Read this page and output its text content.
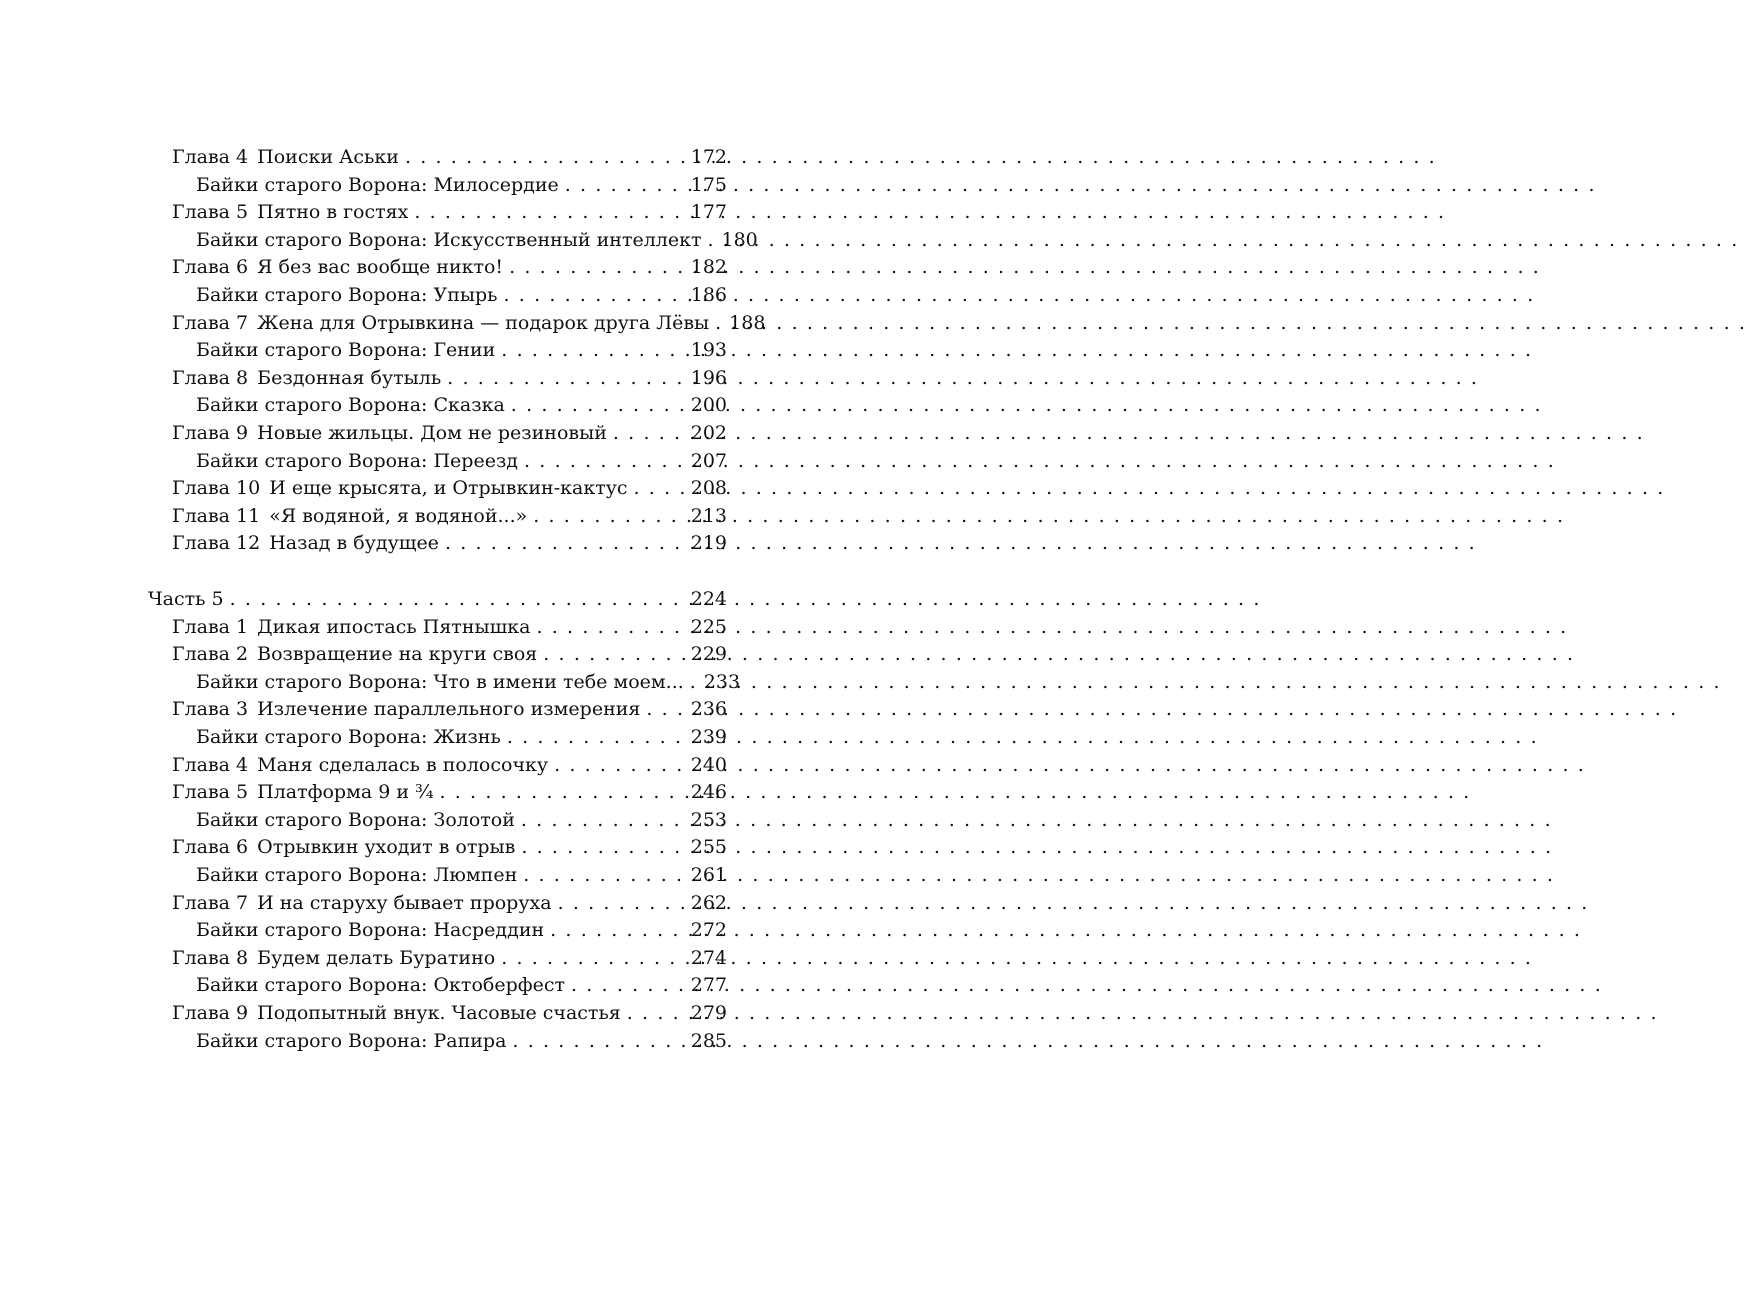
Глава 4 Поиски Аськи . . .	172
Байки старого Ворона: Милосердие . . .	175
Глава 5 Пятно в гостях . . .	177
Байки старого Ворона: Искусственный интеллект . . . 180
Глава 6 Я без вас вообще никто! . . .	182
Байки старого Ворона: Упырь . . .	186
Глава 7 Жена для Отрывкина — подарок друга Лёвы . . . 188
Байки старого Ворона: Гении . . .	193
Глава 8 Бездонная бутыль . . .	196
Байки старого Ворона: Сказка . . .	200
Глава 9 Новые жильцы. Дом не резиновый . . .	202
Байки старого Ворона: Переезд . . .	207
Глава 10 И еще крысята, и Отрывкин-кактус . . .	208
Глава 11 «Я водяной, я водяной...» . . .	213
Глава 12 Назад в будущее . . .	219
Часть 5 . . .	224
Глава 1 Дикая ипостась Пятнышка . . .	225
Глава 2 Возвращение на круги своя . . .	229
Байки старого Ворона: Что в имени тебе моем... . . . 233
Глава 3 Излечение параллельного измерения . . .	236
Байки старого Ворона: Жизнь . . .	239
Глава 4 Маня сделалась в полосочку . . .	240
Глава 5 Платформа 9 и ¾ . . .	246
Байки старого Ворона: Золотой . . .	253
Глава 6 Отрывкин уходит в отрыв . . .	255
Байки старого Ворона: Люмпен . . .	261
Глава 7 И на старуху бывает проруха . . .	262
Байки старого Ворона: Насреддин . . .	272
Глава 8 Будем делать Буратино . . .	274
Байки старого Ворона: Октоберфест . . .	277
Глава 9 Подопытный внук. Часовые счастья . . .	279
Байки старого Ворона: Рапира . . .	285
